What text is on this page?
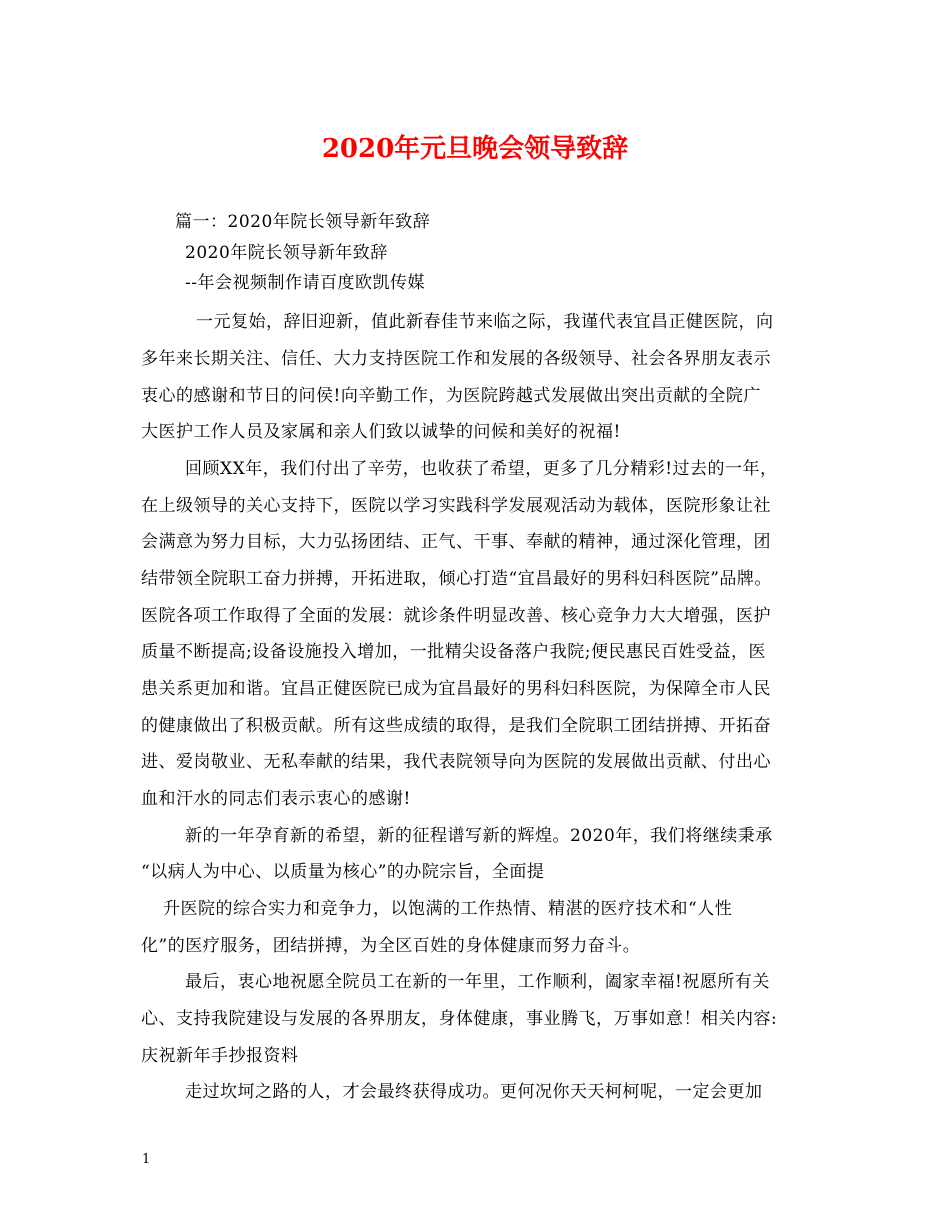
2020年元旦晚会领导致辞
篇一：2020年院长领导新年致辞
2020年院长领导新年致辞
--年会视频制作请百度欧凯传媒
一元复始，辞旧迎新，值此新春佳节来临之际，我谨代表宜昌正健医院，向
多年来长期关注、信任、大力支持医院工作和发展的各级领导、社会各界朋友表示
衷心的感谢和节日的问侯!向辛勤工作，为医院跨越式发展做出突出贡献的全院广
大医护工作人员及家属和亲人们致以诚挚的问候和美好的祝福!
回顾XX年，我们付出了辛劳，也收获了希望，更多了几分精彩!过去的一年，
在上级领导的关心支持下，医院以学习实践科学发展观活动为载体，医院形象让社
会满意为努力目标，大力弘扬团结、正气、干事、奉献的精神，通过深化管理，团
结带领全院职工奋力拼搏，开拓进取，倾心打造“宜昌最好的男科妇科医院”品牌。
医院各项工作取得了全面的发展：就诊条件明显改善、核心竞争力大大增强，医护
质量不断提高;设备设施投入增加，一批精尖设备落户我院;便民惠民百姓受益，医
患关系更加和谐。宜昌正健医院已成为宜昌最好的男科妇科医院，为保障全市人民
的健康做出了积极贡献。所有这些成绩的取得，是我们全院职工团结拼搏、开拓奋
进、爱岗敬业、无私奉献的结果，我代表院领导向为医院的发展做出贡献、付出心
血和汗水的同志们表示衷心的感谢!
新的一年孕育新的希望，新的征程谱写新的辉煌。2020年，我们将继续秉承
“以病人为中心、以质量为核心”的办院宗旨，全面提
升医院的综合实力和竞争力，以饱满的工作热情、精湛的医疗技术和“人性
化”的医疗服务，团结拼搏，为全区百姓的身体健康而努力奋斗。
最后，衷心地祝愿全院员工在新的一年里，工作顺利，阖家幸福!祝愿所有关
心、支持我院建设与发展的各界朋友，身体健康，事业腾飞，万事如意！相关内容:
庆祝新年手抄报资料
走过坎坷之路的人，才会最终获得成功。更何况你天天柯柯呢，一定会更加
1
